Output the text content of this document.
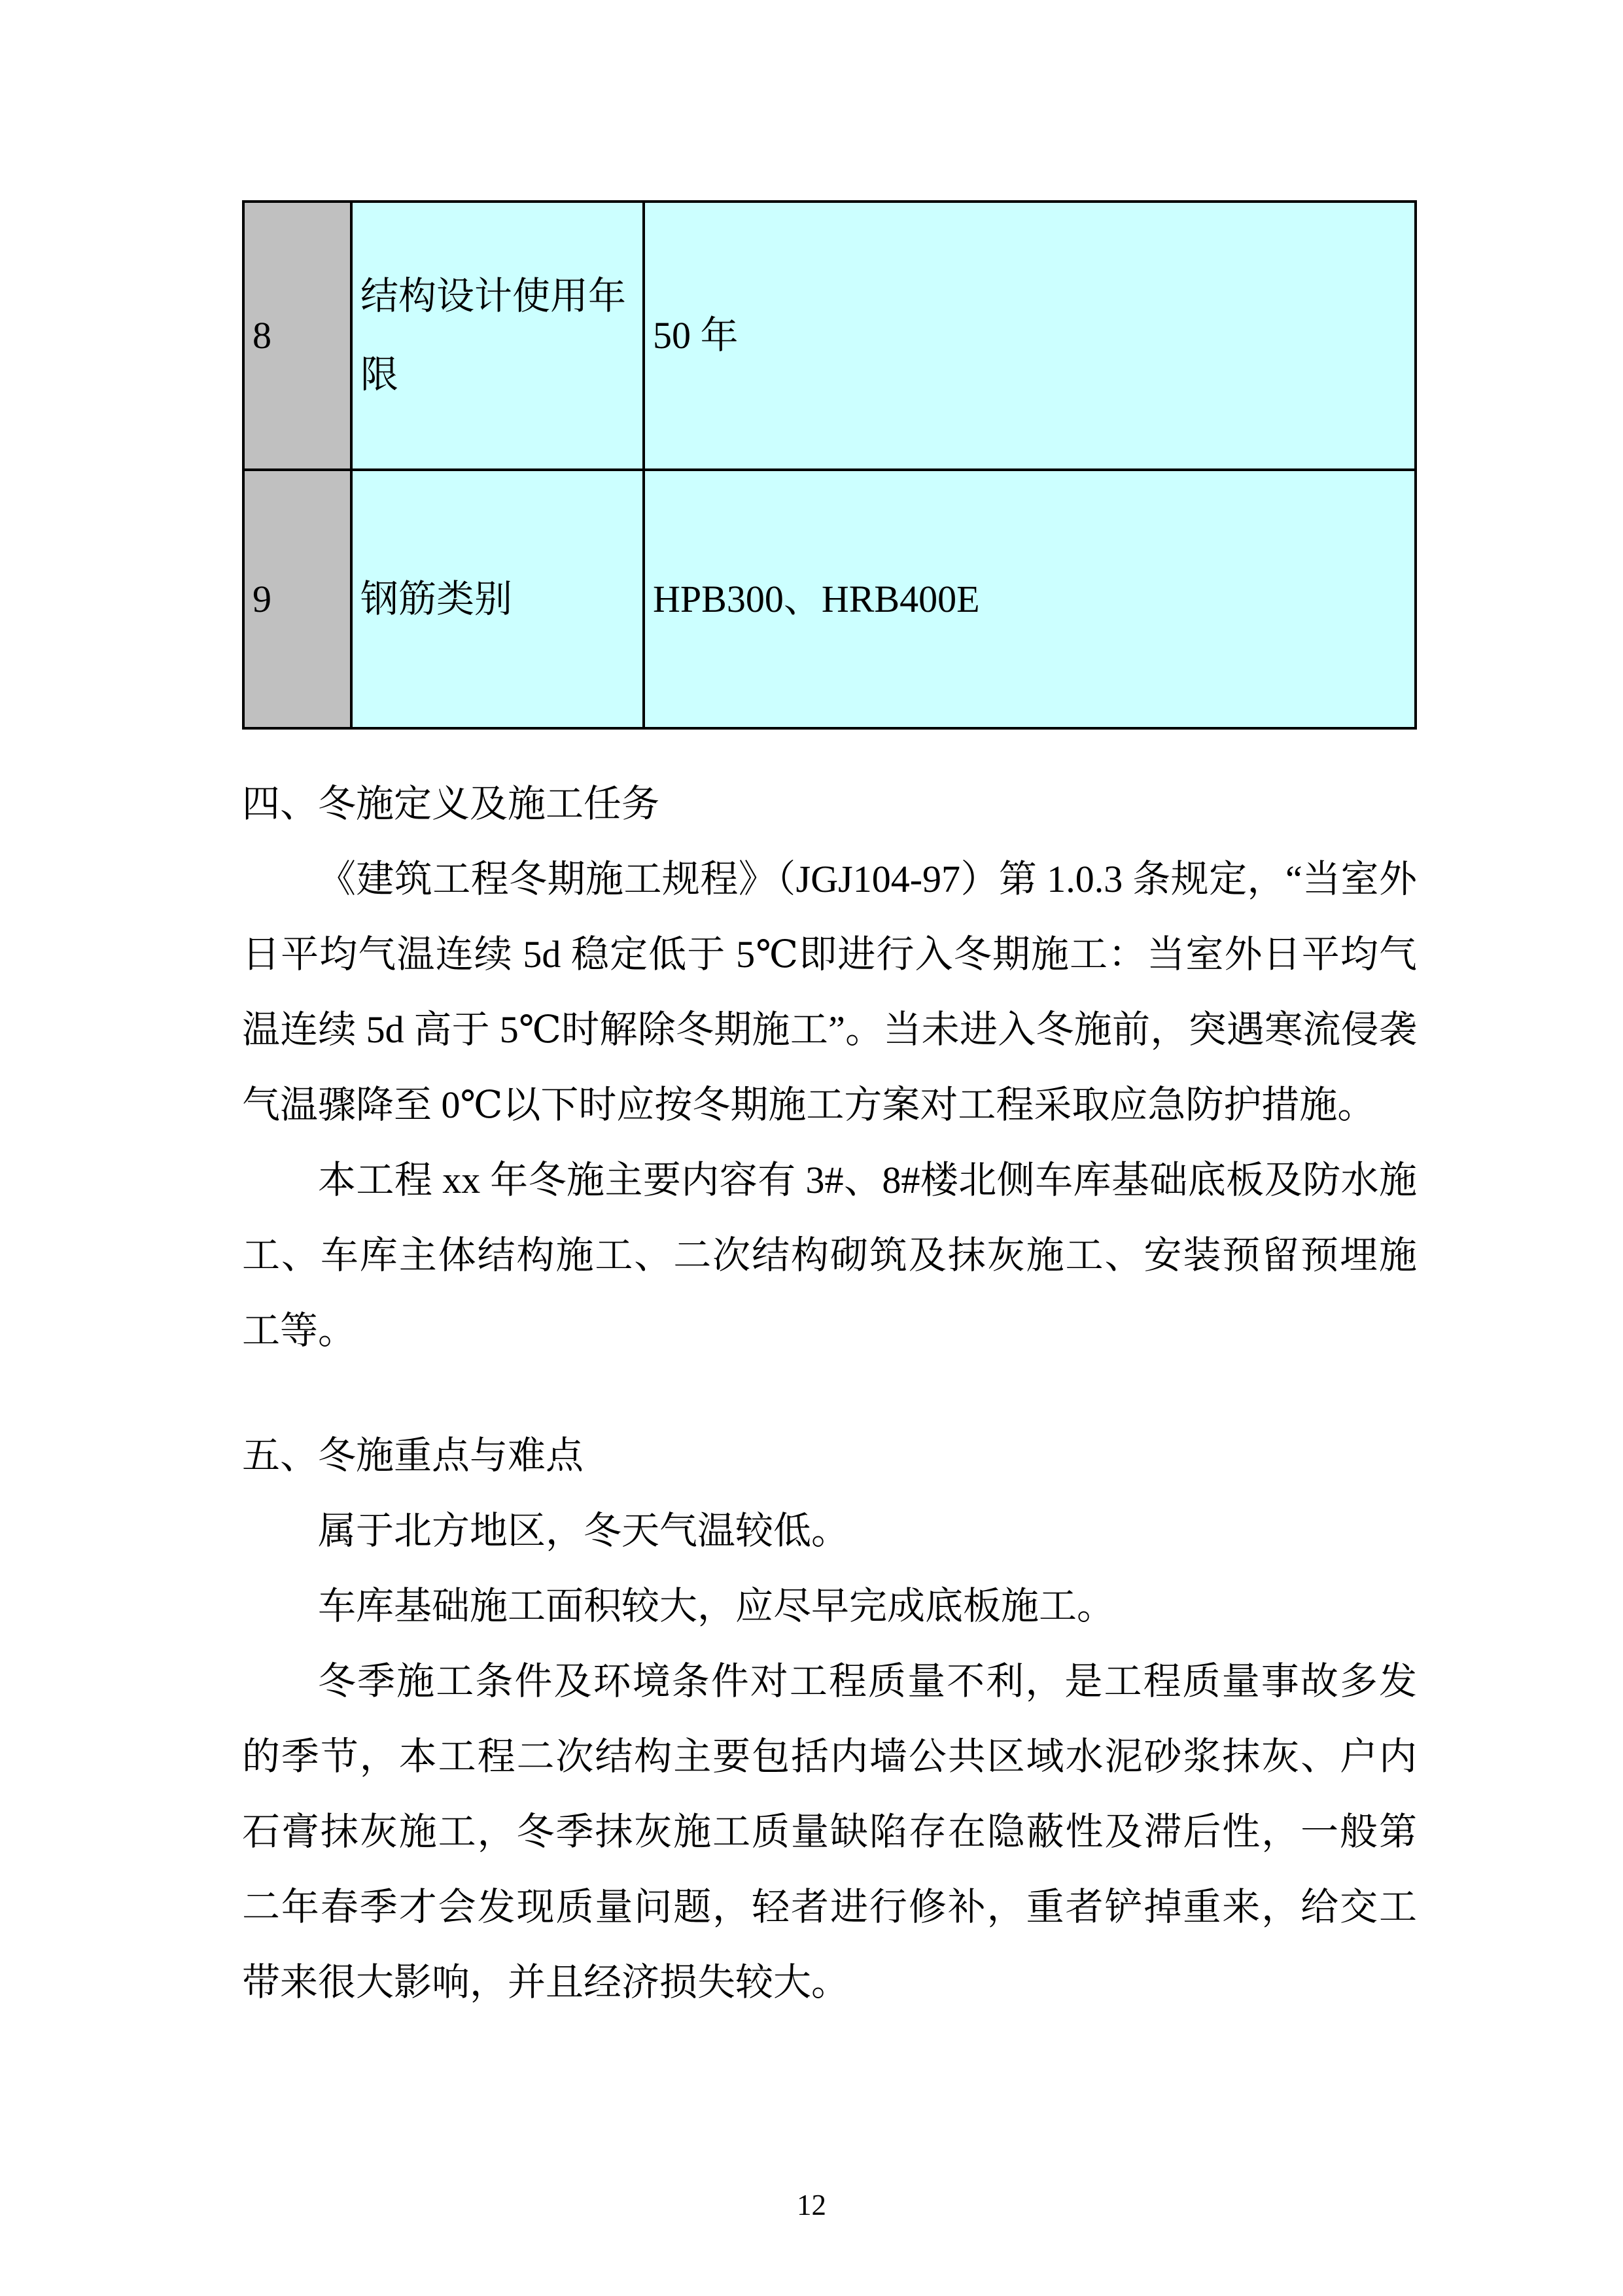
8	结构设计使用年限	50 年
9	钢筋类别	HPB300、HRB400E
四、冬施定义及施工任务
《建筑工程冬期施工规程》（JGJ104-97）第 1.0.3 条规定，“当室外日平均气温连续 5d 稳定低于 5℃即进行入冬期施工：当室外日平均气温连续 5d 高于 5℃时解除冬期施工”。当未进入冬施前，突遇寒流侵袭气温骤降至 0℃以下时应按冬期施工方案对工程采取应急防护措施。
本工程 xx 年冬施主要内容有 3#、8#楼北侧车库基础底板及防水施工、车库主体结构施工、二次结构砌筑及抹灰施工、安装预留预埋施工等。
五、冬施重点与难点
属于北方地区，冬天气温较低。
车库基础施工面积较大，应尽早完成底板施工。
冬季施工条件及环境条件对工程质量不利，是工程质量事故多发的季节，本工程二次结构主要包括内墙公共区域水泥砂浆抹灰、户内石膏抹灰施工，冬季抹灰施工质量缺陷存在隐蔽性及滞后性，一般第二年春季才会发现质量问题，轻者进行修补，重者铲掉重来，给交工带来很大影响，并且经济损失较大。
12
